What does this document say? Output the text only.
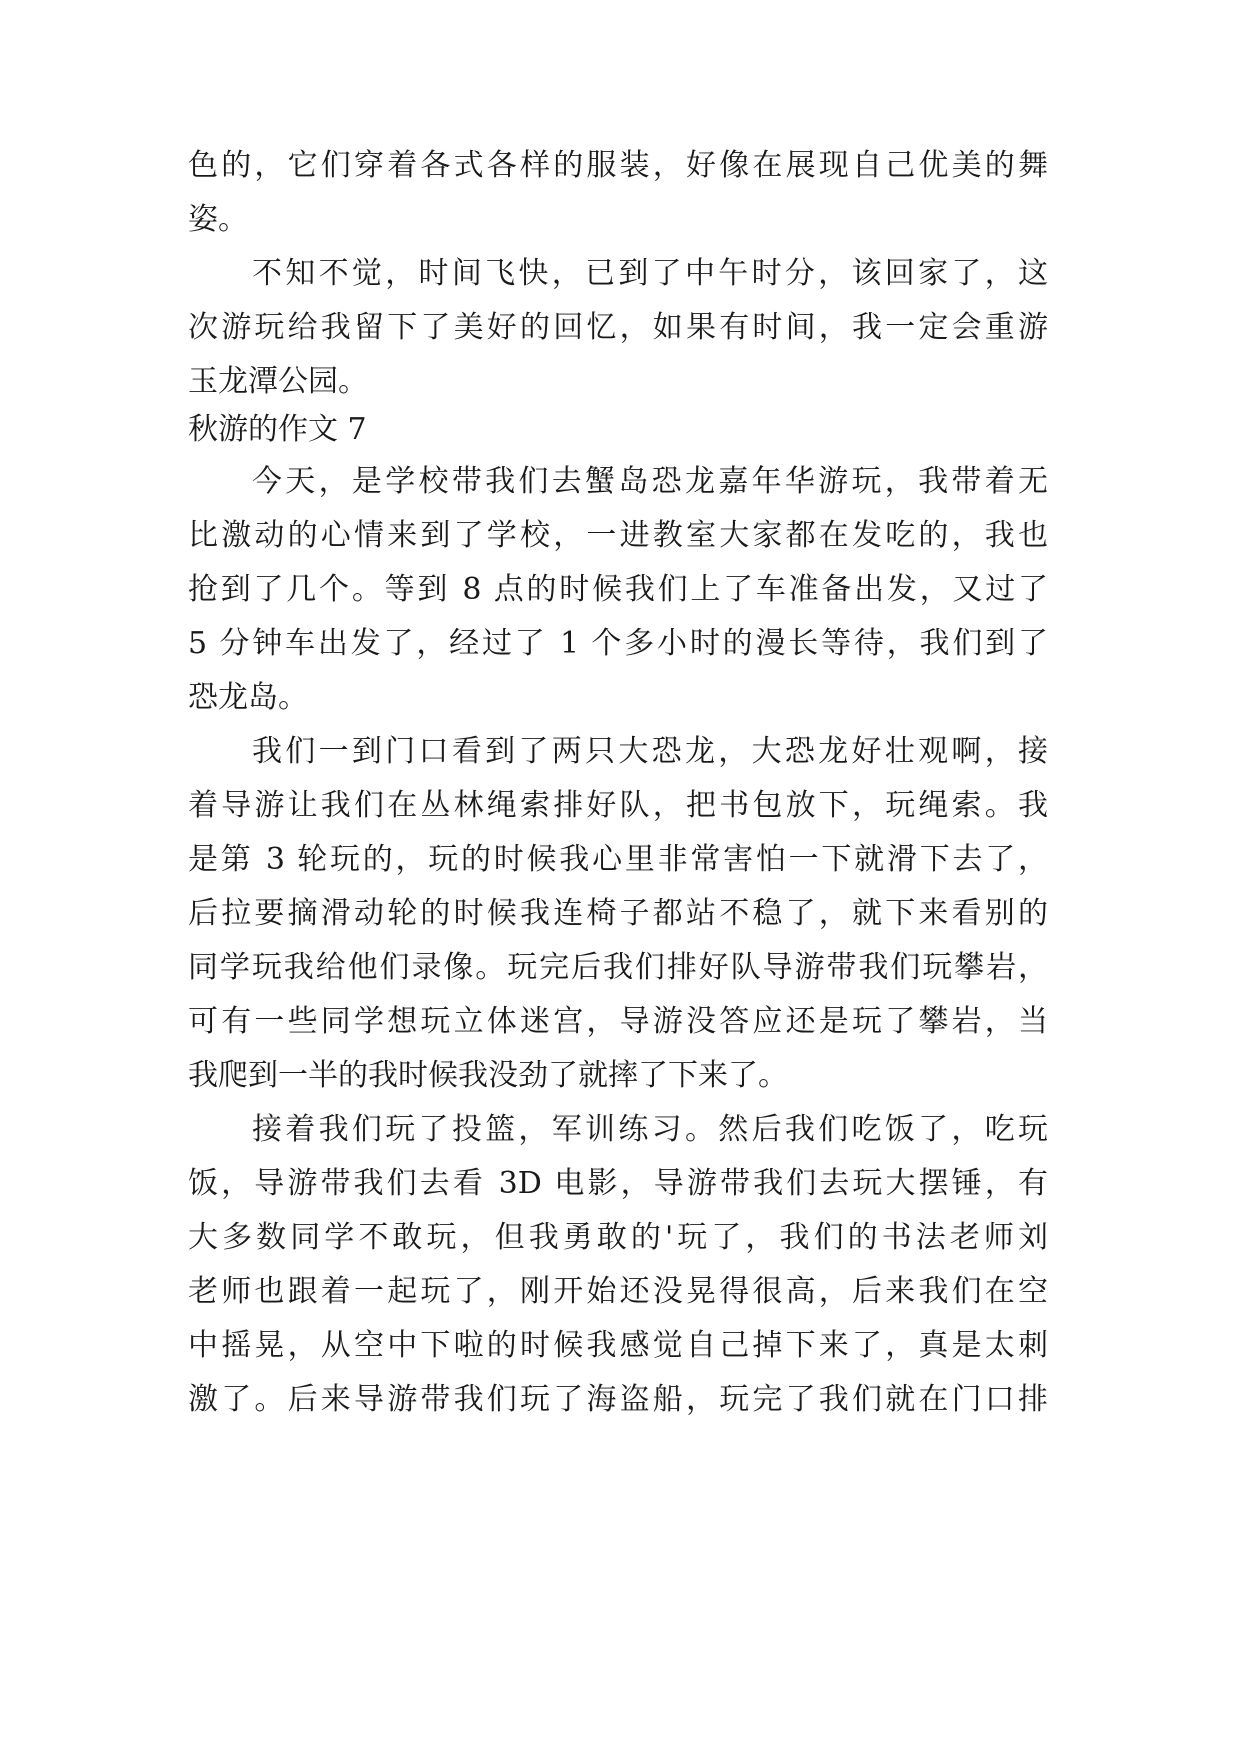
色的，它们穿着各式各样的服装，好像在展现自己优美的舞
姿。
不知不觉，时间飞快，已到了中午时分，该回家了，这
次游玩给我留下了美好的回忆，如果有时间，我一定会重游
玉龙潭公园。
秋游的作文 7
今天，是学校带我们去蟹岛恐龙嘉年华游玩，我带着无
比激动的心情来到了学校，一进教室大家都在发吃的，我也
抢到了几个。等到 8 点的时候我们上了车准备出发，又过了
5 分钟车出发了，经过了 1 个多小时的漫长等待，我们到了
恐龙岛。
我们一到门口看到了两只大恐龙，大恐龙好壮观啊，接
着导游让我们在丛林绳索排好队，把书包放下，玩绳索。我
是第 3 轮玩的，玩的时候我心里非常害怕一下就滑下去了，
后拉要摘滑动轮的时候我连椅子都站不稳了，就下来看别的
同学玩我给他们录像。玩完后我们排好队导游带我们玩攀岩，
可有一些同学想玩立体迷宫，导游没答应还是玩了攀岩，当
我爬到一半的我时候我没劲了就摔了下来了。
接着我们玩了投篮，军训练习。然后我们吃饭了，吃玩
饭，导游带我们去看 3D 电影，导游带我们去玩大摆锤，有
大多数同学不敢玩，但我勇敢的'玩了，我们的书法老师刘
老师也跟着一起玩了，刚开始还没晃得很高，后来我们在空
中摇晃，从空中下啦的时候我感觉自己掉下来了，真是太刺
激了。后来导游带我们玩了海盗船，玩完了我们就在门口排
